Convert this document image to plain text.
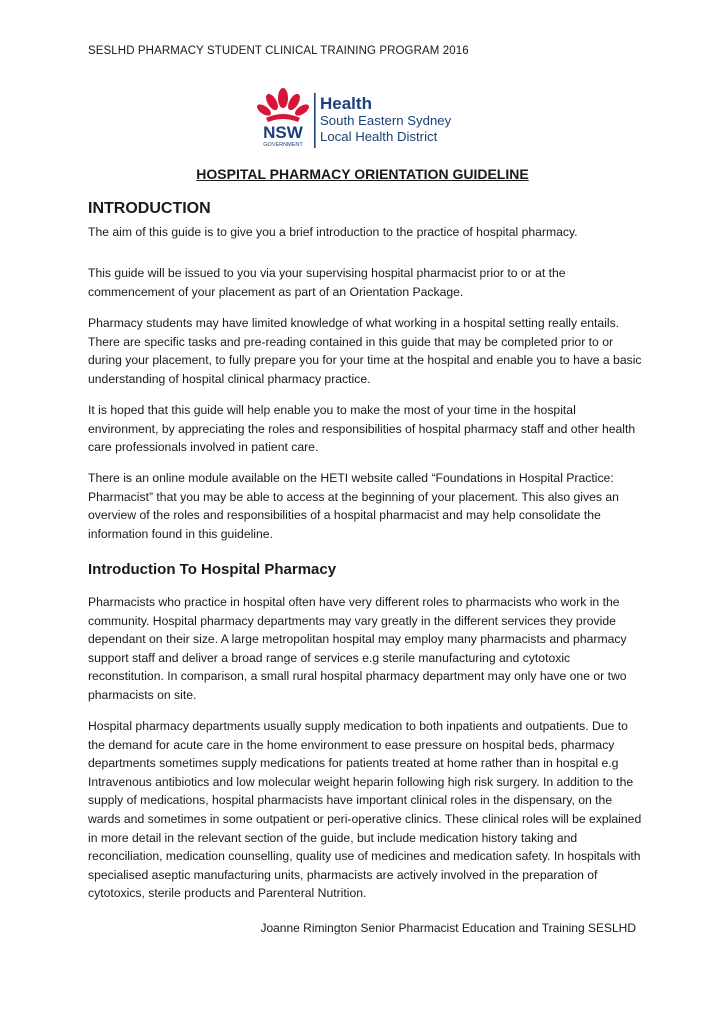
SESLHD PHARMACY STUDENT CLINICAL TRAINING PROGRAM 2016
NSW
GOVERNMENT
Health
South Eastern Sydney
Local Health District
HOSPITAL PHARMACY ORIENTATION GUIDELINE
INTRODUCTION

The aim of this guide is to give you a brief introduction to the practice of hospital pharmacy.

This guide will be issued to you via your supervising hospital pharmacist prior to or at the commencement of your placement as part of an Orientation Package.

Pharmacy students may have limited knowledge of what working in a hospital setting really entails. There are specific tasks and pre-reading contained in this guide that may be completed prior to or during your placement, to fully prepare you for your time at the hospital and enable you to have a basic understanding of hospital clinical pharmacy practice.

It is hoped that this guide will help enable you to make the most of your time in the hospital environment, by appreciating the roles and responsibilities of hospital pharmacy staff and other health care professionals involved in patient care.

There is an online module available on the HETI website called “Foundations in Hospital Practice: Pharmacist” that you may be able to access at the beginning of your placement. This also gives an overview of the roles and responsibilities of a hospital pharmacist and may help consolidate the information found in this guideline.

Introduction To Hospital Pharmacy

Pharmacists who practice in hospital often have very different roles to pharmacists who work in the community. Hospital pharmacy departments may vary greatly in the different services they provide dependant on their size. A large metropolitan hospital may employ many pharmacists and pharmacy support staff and deliver a broad range of services e.g sterile manufacturing and cytotoxic reconstitution. In comparison, a small rural hospital pharmacy department may only have one or two pharmacists on site.

Hospital pharmacy departments usually supply medication to both inpatients and outpatients. Due to the demand for acute care in the home environment to ease pressure on hospital beds, pharmacy departments sometimes supply medications for patients treated at home rather than in hospital e.g Intravenous antibiotics and low molecular weight heparin following high risk surgery. In addition to the supply of medications, hospital pharmacists have important clinical roles in the dispensary, on the wards and sometimes in some outpatient or peri-operative clinics. These clinical roles will be explained in more detail in the relevant section of the guide, but include medication history taking and reconciliation, medication counselling, quality use of medicines and medication safety. In hospitals with specialised aseptic manufacturing units, pharmacists are actively involved in the preparation of cytotoxics, sterile products and Parenteral Nutrition.

Joanne Rimington Senior Pharmacist Education and Training SESLHD
